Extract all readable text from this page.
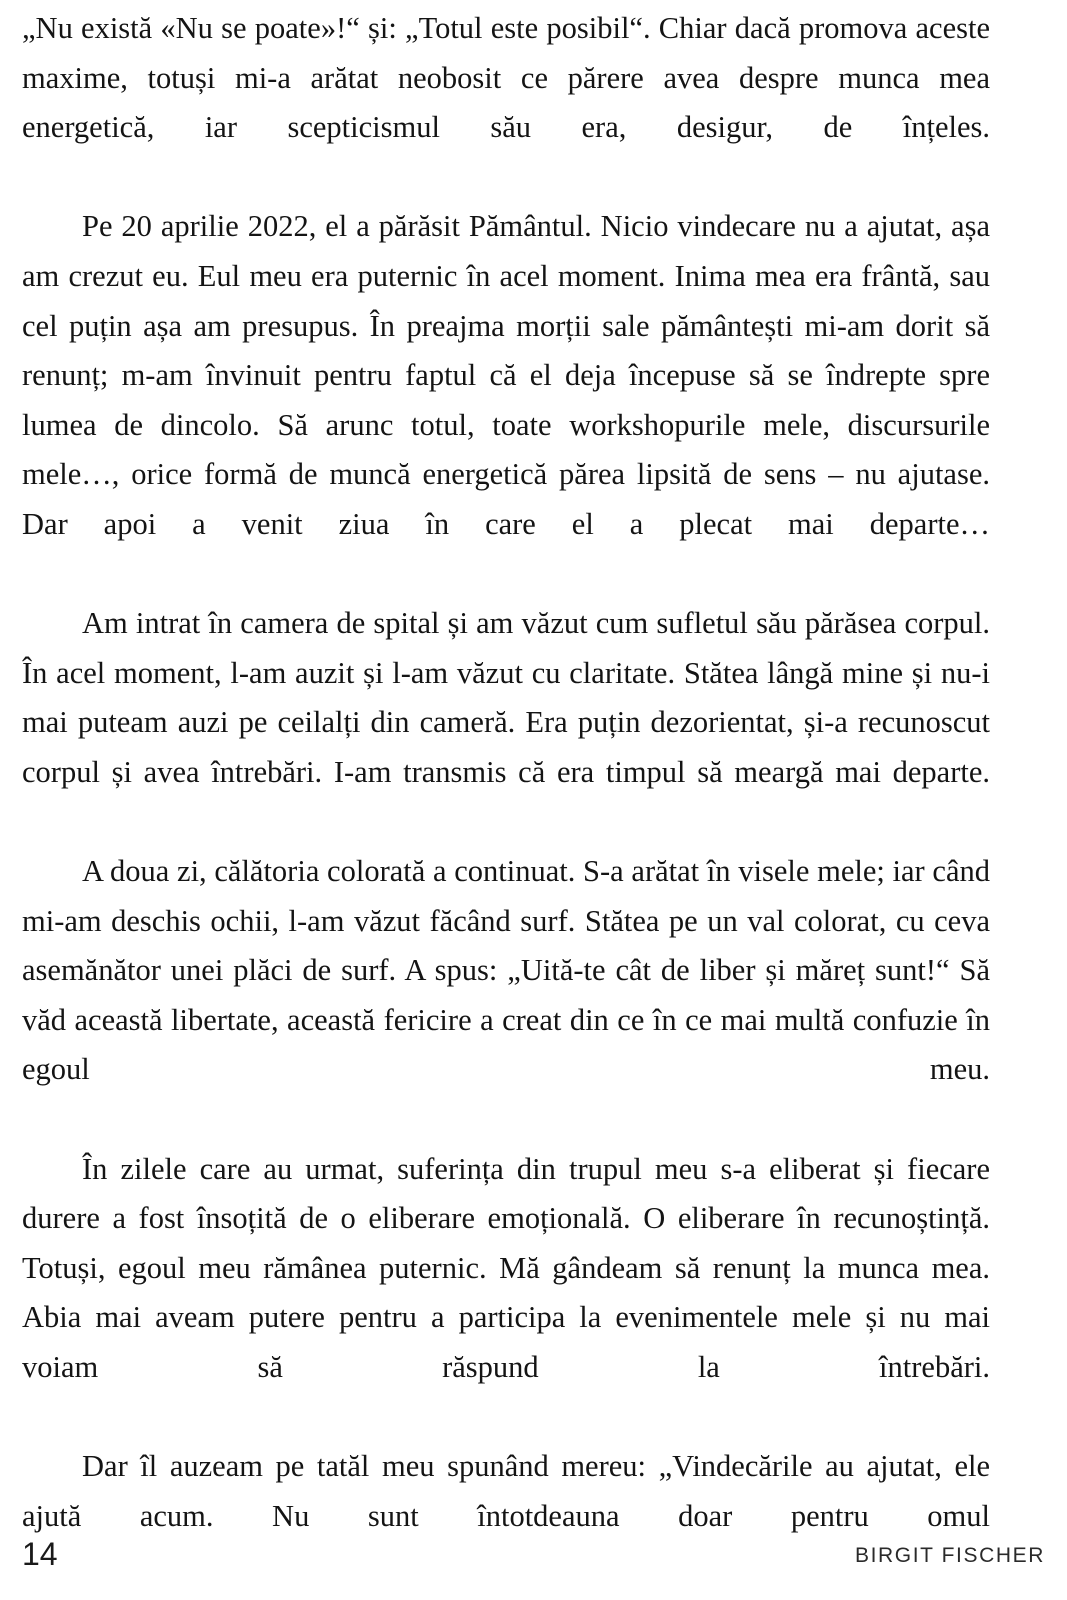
„Nu există «Nu se poate»!“ și: „Totul este posibil“. Chiar dacă promova aceste maxime, totuși mi-a arătat neobosit ce părere avea despre munca mea energetică, iar scepticismul său era, desigur, de înțeles.

Pe 20 aprilie 2022, el a părăsit Pământul. Nicio vindecare nu a ajutat, așa am crezut eu. Eul meu era puternic în acel moment. Inima mea era frântă, sau cel puțin așa am presupus. În preajma morții sale pământești mi-am dorit să renunț; m-am învinuit pentru faptul că el deja începuse să se îndrepte spre lumea de dincolo. Să arunc totul, toate workshopurile mele, discursurile mele…, orice formă de muncă energetică părea lipsită de sens – nu ajutase. Dar apoi a venit ziua în care el a plecat mai departe…

Am intrat în camera de spital și am văzut cum sufletul său părăsea corpul. În acel moment, l-am auzit și l-am văzut cu claritate. Stătea lângă mine și nu-i mai puteam auzi pe ceilalți din cameră. Era puțin dezorientat, și-a recunoscut corpul și avea întrebări. I-am transmis că era timpul să meargă mai departe.

A doua zi, călătoria colorată a continuat. S-a arătat în visele mele; iar când mi-am deschis ochii, l-am văzut făcând surf. Stătea pe un val colorat, cu ceva asemănător unei plăci de surf. A spus: „Uită-te cât de liber și măreț sunt!“ Să văd această libertate, această fericire a creat din ce în ce mai multă confuzie în egoul meu.

În zilele care au urmat, suferința din trupul meu s-a eliberat și fiecare durere a fost însoțită de o eliberare emoțională. O eliberare în recunoștință. Totuși, egoul meu rămânea puternic. Mă gândeam să renunț la munca mea. Abia mai aveam putere pentru a participa la evenimentele mele și nu mai voiam să răspund la întrebări.

Dar îl auzeam pe tatăl meu spunând mereu: „Vindecările au ajutat, ele ajută acum. Nu sunt întotdeauna doar pentru omul

14	BIRGIT FISCHER
